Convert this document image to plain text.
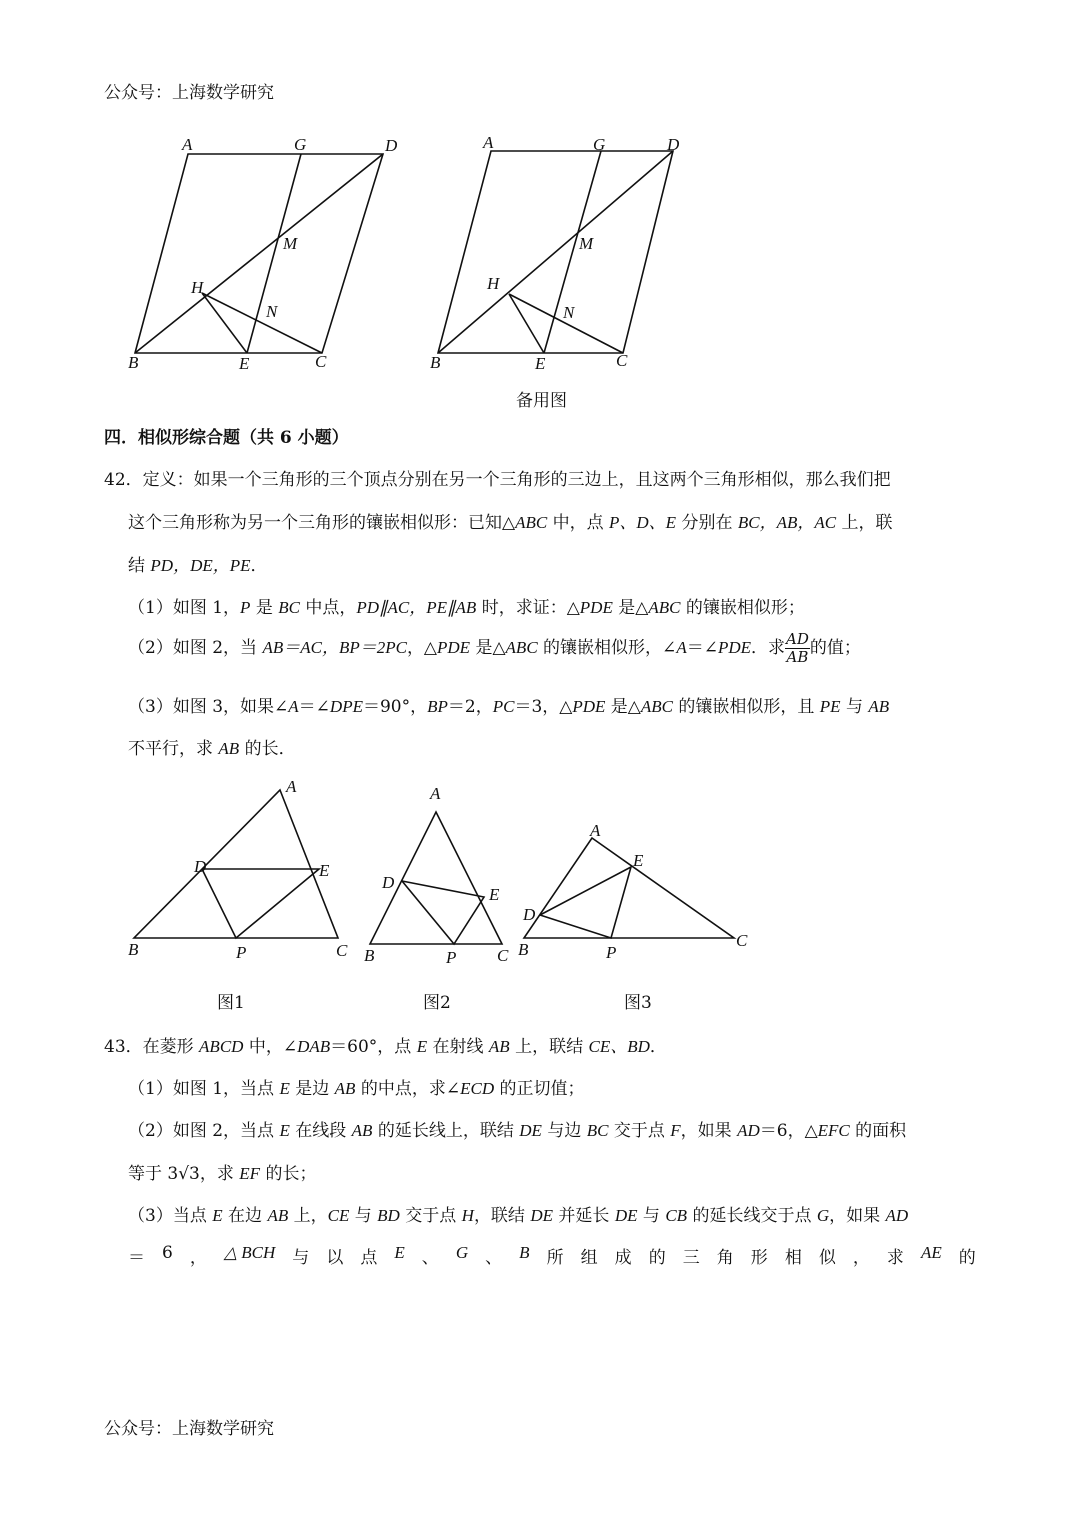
公众号：上海数学研究
A	G	D
M
H
N
B	E	C
A	G	D
M
H
N
B	E	C
备用图
四．相似形综合题（共 6 小题）
42．定义：如果一个三角形的三个顶点分别在另一个三角形的三边上，且这两个三角形相似，那么我们把
这个三角形称为另一个三角形的镶嵌相似形：已知△ABC 中，点 P、D、E 分别在 BC，AB，AC 上，联
结 PD，DE，PE．
（1）如图 1，P 是 BC 中点，PD∥AC，PE∥AB 时，求证：△PDE 是△ABC 的镶嵌相似形；
（2）如图 2，当 AB＝AC，BP＝2PC，△PDE 是△ABC 的镶嵌相似形，∠A＝∠PDE．求 $\frac{AD}{AB}$ 的值；
（3）如图 3，如果∠A＝∠DPE＝90°，BP＝2，PC＝3，△PDE 是△ABC 的镶嵌相似形，且 PE 与 AB
不平行，求 AB 的长．
A
D	E
B	P	C
A
D
E
B	P C
A
D
E
B	P
C
图1	图2	图3
43．在菱形 ABCD 中，∠DAB＝60°，点 E 在射线 AB 上，联结 CE、BD．
（1）如图 1，当点 E 是边 AB 的中点，求∠ECD 的正切值；
（2）如图 2，当点 E 在线段 AB 的延长线上，联结 DE 与边 BC 交于点 F，如果 AD＝6，△EFC 的面积
等于 3√3，求 EF 的长；
（3）当点 E 在边 AB 上，CE 与 BD 交于点 H，联结 DE 并延长 DE 与 CB 的延长线交于点 G，如果 AD
＝ 6 ， △ BCH 与 以 点 E 、 G 、 B 所 组 成 的 三 角 形 相 似 ， 求 AE 的
公众号：上海数学研究
